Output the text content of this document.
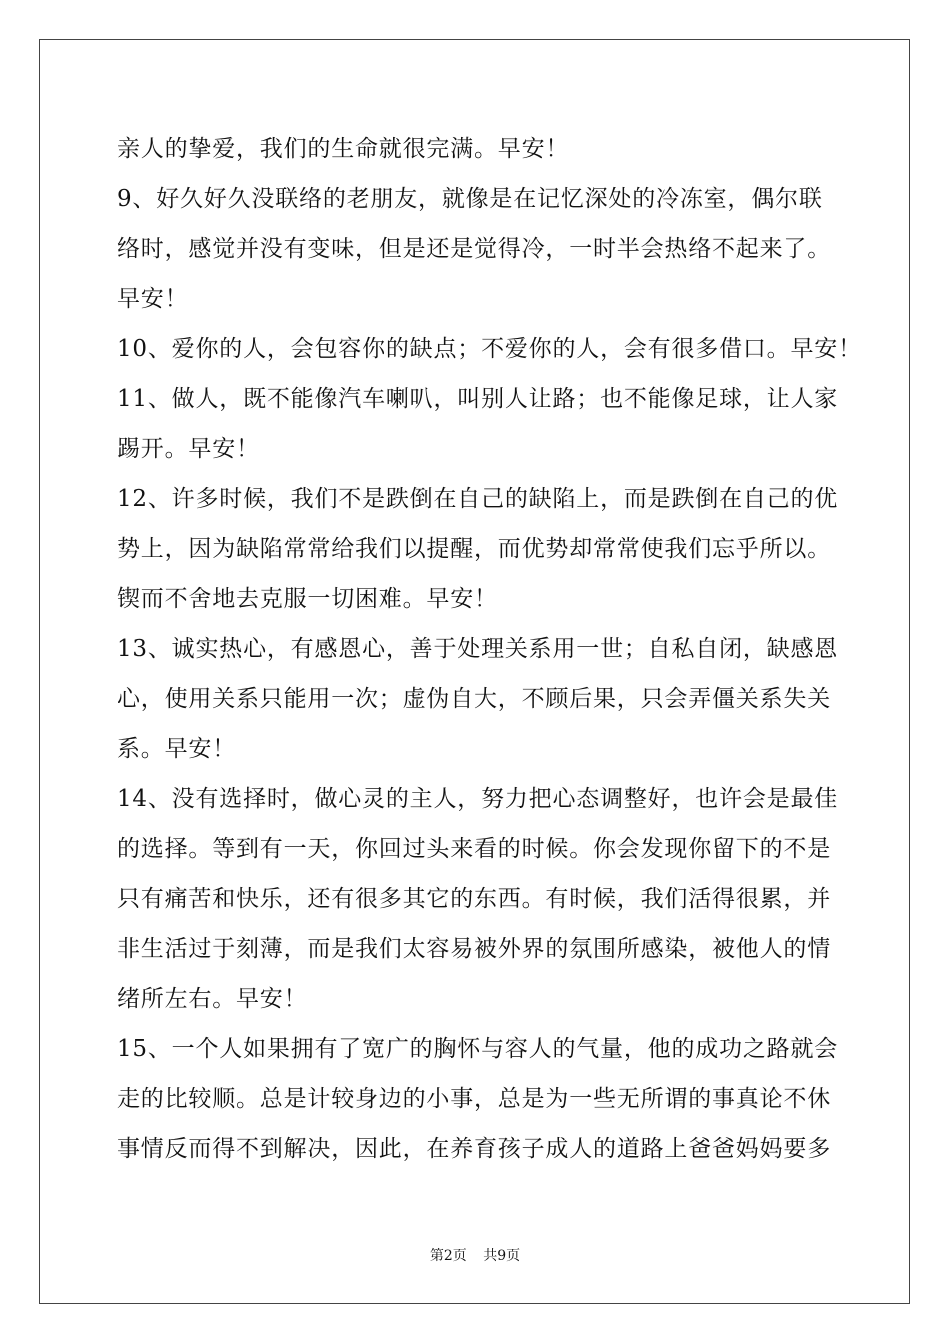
亲人的挚爱，我们的生命就很完满。早安！
9、好久好久没联络的老朋友，就像是在记忆深处的冷冻室，偶尔联
络时，感觉并没有变味，但是还是觉得冷，一时半会热络不起来了。
早安！
10、爱你的人，会包容你的缺点；不爱你的人，会有很多借口。早安！
11、做人，既不能像汽车喇叭，叫别人让路；也不能像足球，让人家
踢开。早安！
12、许多时候，我们不是跌倒在自己的缺陷上，而是跌倒在自己的优
势上，因为缺陷常常给我们以提醒，而优势却常常使我们忘乎所以。
锲而不舍地去克服一切困难。早安！
13、诚实热心，有感恩心，善于处理关系用一世；自私自闭，缺感恩
心，使用关系只能用一次；虚伪自大，不顾后果，只会弄僵关系失关
系。早安！
14、没有选择时，做心灵的主人，努力把心态调整好，也许会是最佳
的选择。等到有一天，你回过头来看的时候。你会发现你留下的不是
只有痛苦和快乐，还有很多其它的东西。有时候，我们活得很累，并
非生活过于刻薄，而是我们太容易被外界的氛围所感染，被他人的情
绪所左右。早安！
15、一个人如果拥有了宽广的胸怀与容人的气量，他的成功之路就会
走的比较顺。总是计较身边的小事，总是为一些无所谓的事真论不休
事情反而得不到解决，因此，在养育孩子成人的道路上爸爸妈妈要多
第2页 共9页
